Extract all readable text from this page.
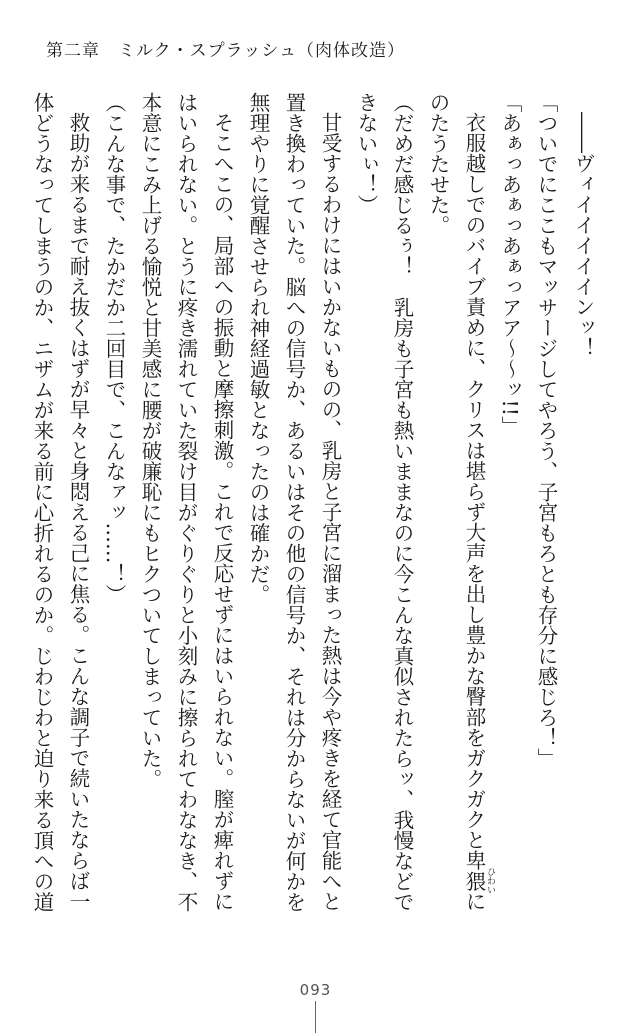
第二章　ミルク・スプラッシュ（肉体改造）
――ヴィイイイイインッ！
「ついでにここもマッサージしてやろう、子宮もろとも存分に感じろ！」
「あぁっあぁっあぁっアア〜〜ッ!!」
衣服越しでのバイブ責めに、クリスは堪らず大声を出し豊かな臀部をガクガクと卑猥 ひわいに
のたうたせた。
（だめだ感じるぅ！　乳房も子宮も熱いままなのに今こんな真似されたらッ、我慢などで
きないぃ！）
甘受するわけにはいかないものの、乳房と子宮に溜まった熱は今や疼きを経て官能へと
置き換わっていた。脳への信号か、あるいはその他の信号か、それは分からないが何かを
無理やりに覚醒させられ神経過敏となったのは確かだ。
そこへこの、局部への振動と摩擦刺激。これで反応せずにはいられない。膣が痺れずに
はいられない。とうに疼き濡れていた裂け目がぐりぐりと小刻みに擦られてわななき、不
本意にこみ上げる愉悦と甘美感に腰が破廉恥にもヒクついてしまっていた。
（こんな事で、たかだか二回目で、こんなァッ……！）
救助が来るまで耐え抜くはずが早々と身悶える己に焦る。こんな調子で続いたならば一
体どうなってしまうのか、ニザムが来る前に心折れるのか。じわじわと迫り来る頂への道
093
